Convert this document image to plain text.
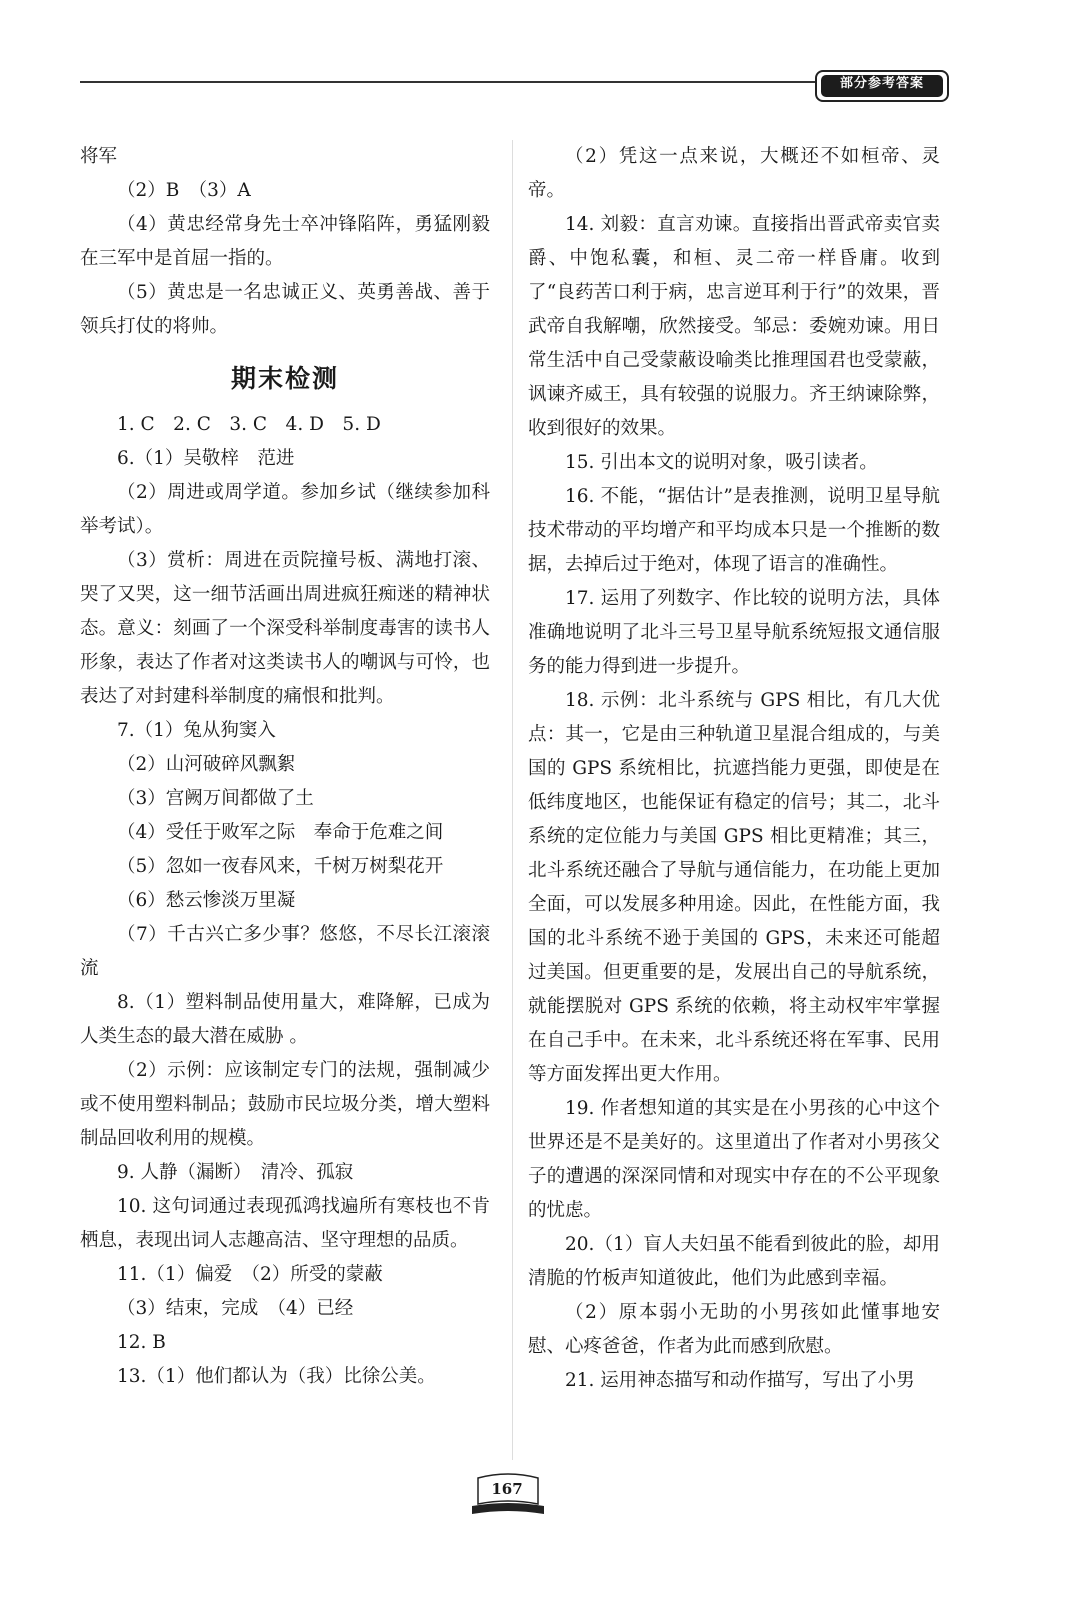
部分参考答案

将军

（2）B　（3）A

（4）黄忠经常身先士卒冲锋陷阵，勇猛刚毅在三军中是首屈一指的。

（5）黄忠是一名忠诚正义、英勇善战、善于领兵打仗的将帅。

期末检测

1. C　2. C　3. C　4. D　5. D

6.（1）吴敬梓　范进

（2）周进或周学道。参加乡试（继续参加科举考试）。

（3）赏析：周进在贡院撞号板、满地打滚、哭了又哭，这一细节活画出周进疯狂痴迷的精神状态。意义：刻画了一个深受科举制度毒害的读书人形象，表达了作者对这类读书人的嘲讽与可怜，也表达了对封建科举制度的痛恨和批判。

7.（1）兔从狗窦入

（2）山河破碎风飘絮

（3）宫阙万间都做了土

（4）受任于败军之际　奉命于危难之间

（5）忽如一夜春风来，千树万树梨花开

（6）愁云惨淡万里凝

（7）千古兴亡多少事？悠悠，不尽长江滚滚流

8.（1）塑料制品使用量大，难降解，已成为人类生态的最大潜在威胁 。

（2）示例：应该制定专门的法规，强制减少或不使用塑料制品；鼓励市民垃圾分类，增大塑料制品回收利用的规模。

9. 人静（漏断）　清冷、孤寂

10. 这句词通过表现孤鸿找遍所有寒枝也不肯栖息，表现出词人志趣高洁、坚守理想的品质。

11.（1）偏爱　（2）所受的蒙蔽

（3）结束，完成　（4）已经

12. B

13.（1）他们都认为（我）比徐公美。

（2）凭这一点来说，大概还不如桓帝、灵帝。

14. 刘毅：直言劝谏。直接指出晋武帝卖官卖爵、中饱私囊，和桓、灵二帝一样昏庸。收到了“良药苦口利于病，忠言逆耳利于行”的效果，晋武帝自我解嘲，欣然接受。邹忌：委婉劝谏。用日常生活中自己受蒙蔽设喻类比推理国君也受蒙蔽，讽谏齐威王，具有较强的说服力。齐王纳谏除弊，收到很好的效果。

15. 引出本文的说明对象，吸引读者。

16. 不能，“据估计”是表推测，说明卫星导航技术带动的平均增产和平均成本只是一个推断的数据，去掉后过于绝对，体现了语言的准确性。

17. 运用了列数字、作比较的说明方法，具体准确地说明了北斗三号卫星导航系统短报文通信服务的能力得到进一步提升。

18. 示例：北斗系统与 GPS 相比，有几大优点：其一，它是由三种轨道卫星混合组成的，与美国的 GPS 系统相比，抗遮挡能力更强，即使是在低纬度地区，也能保证有稳定的信号；其二，北斗系统的定位能力与美国 GPS 相比更精准；其三，北斗系统还融合了导航与通信能力，在功能上更加全面，可以发展多种用途。因此，在性能方面，我国的北斗系统不逊于美国的 GPS，未来还可能超过美国。但更重要的是，发展出自己的导航系统，就能摆脱对 GPS 系统的依赖，将主动权牢牢掌握在自己手中。在未来，北斗系统还将在军事、民用等方面发挥出更大作用。

19. 作者想知道的其实是在小男孩的心中这个世界还是不是美好的。这里道出了作者对小男孩父子的遭遇的深深同情和对现实中存在的不公平现象的忧虑。

20.（1）盲人夫妇虽不能看到彼此的脸，却用清脆的竹板声知道彼此，他们为此感到幸福。

（2）原本弱小无助的小男孩如此懂事地安慰、心疼爸爸，作者为此而感到欣慰。

21. 运用神态描写和动作描写，写出了小男

167
